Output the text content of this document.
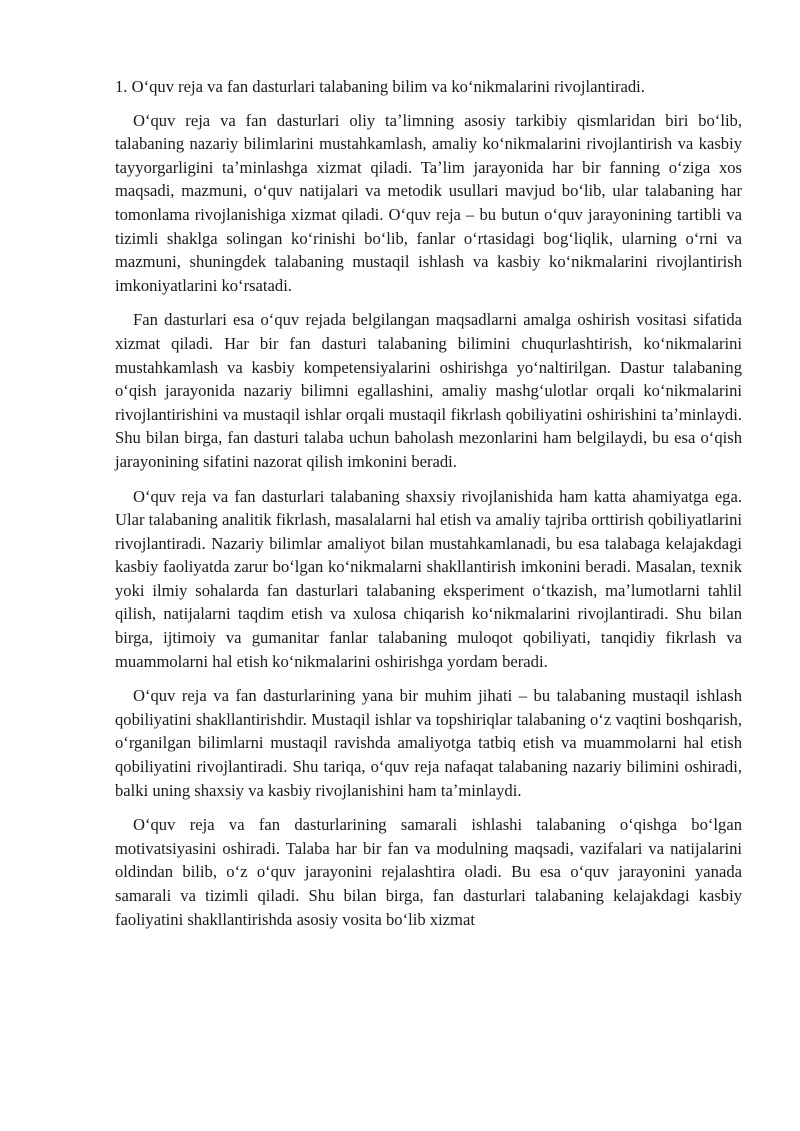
1. Oʻquv reja va fan dasturlari talabaning bilim va koʻnikmalarini rivojlantiradi.

Oʻquv reja va fan dasturlari oliy taʼlimning asosiy tarkibiy qismlaridan biri boʻlib, talabaning nazariy bilimlarini mustahkamlash, amaliy koʻnikmalarini rivojlantirish va kasbiy tayyorgarligini taʼminlashga xizmat qiladi. Taʼlim jarayonida har bir fanning oʻziga xos maqsadi, mazmuni, oʻquv natijalari va metodik usullari mavjud boʻlib, ular talabaning har tomonlama rivojlanishiga xizmat qiladi. Oʻquv reja – bu butun oʻquv jarayonining tartibli va tizimli shaklga solingan koʻrinishi boʻlib, fanlar oʻrtasidagi bogʻliqlik, ularning oʻrni va mazmuni, shuningdek talabaning mustaqil ishlash va kasbiy koʻnikmalarini rivojlantirish imkoniyatlarini koʻrsatadi.

Fan dasturlari esa oʻquv rejada belgilangan maqsadlarni amalga oshirish vositasi sifatida xizmat qiladi. Har bir fan dasturi talabaning bilimini chuqurlashtirish, koʻnikmalarini mustahkamlash va kasbiy kompetensiyalarini oshirishga yoʻnaltirilgan. Dastur talabaning oʻqish jarayonida nazariy bilimni egallashini, amaliy mashgʻulotlar orqali koʻnikmalarini rivojlantirishini va mustaqil ishlar orqali mustaqil fikrlash qobiliyatini oshirishini taʼminlaydi. Shu bilan birga, fan dasturi talaba uchun baholash mezonlarini ham belgilaydi, bu esa oʻqish jarayonining sifatini nazorat qilish imkonini beradi.

Oʻquv reja va fan dasturlari talabaning shaxsiy rivojlanishida ham katta ahamiyatga ega. Ular talabaning analitik fikrlash, masalalarni hal etish va amaliy tajriba orttirish qobiliyatlarini rivojlantiradi. Nazariy bilimlar amaliyot bilan mustahkamlanadi, bu esa talabaga kelajakdagi kasbiy faoliyatda zarur boʻlgan koʻnikmalarni shakllantirish imkonini beradi. Masalan, texnik yoki ilmiy sohalarda fan dasturlari talabaning eksperiment oʻtkazish, maʼlumotlarni tahlil qilish, natijalarni taqdim etish va xulosa chiqarish koʻnikmalarini rivojlantiradi. Shu bilan birga, ijtimoiy va gumanitar fanlar talabaning muloqot qobiliyati, tanqidiy fikrlash va muammolarni hal etish koʻnikmalarini oshirishga yordam beradi.

Oʻquv reja va fan dasturlarining yana bir muhim jihati – bu talabaning mustaqil ishlash qobiliyatini shakllantirishdir. Mustaqil ishlar va topshiriqlar talabaning oʻz vaqtini boshqarish, oʻrganilgan bilimlarni mustaqil ravishda amaliyotga tatbiq etish va muammolarni hal etish qobiliyatini rivojlantiradi. Shu tariqa, oʻquv reja nafaqat talabaning nazariy bilimini oshiradi, balki uning shaxsiy va kasbiy rivojlanishini ham taʼminlaydi.

Oʻquv reja va fan dasturlarining samarali ishlashi talabaning oʻqishga boʻlgan motivatsiyasini oshiradi. Talaba har bir fan va modulning maqsadi, vazifalari va natijalarini oldindan bilib, oʻz oʻquv jarayonini rejalashtira oladi. Bu esa oʻquv jarayonini yanada samarali va tizimli qiladi. Shu bilan birga, fan dasturlari talabaning kelajakdagi kasbiy faoliyatini shakllantirishda asosiy vosita boʻlib xizmat
